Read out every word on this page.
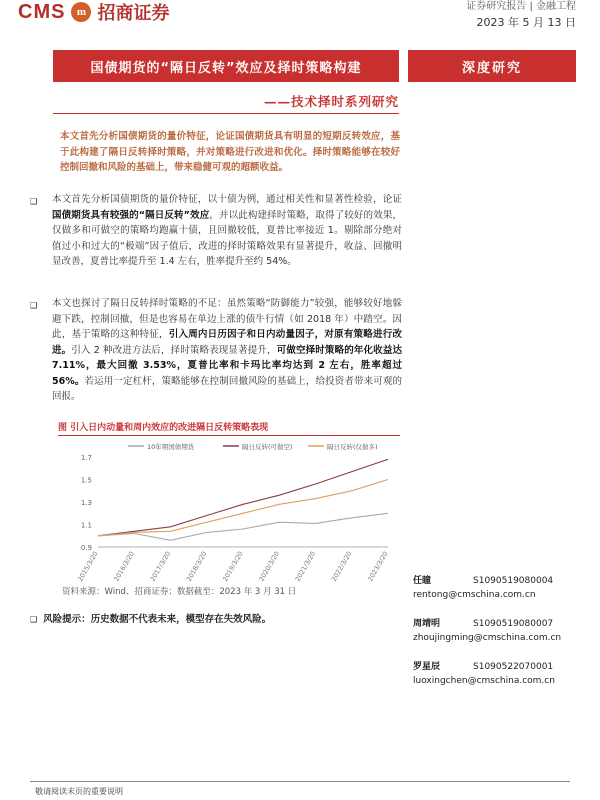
CMS	m 招商证券	证券研究报告 | 金融工程
2023 年 5 月 13 日
国债期货的“隔日反转”效应及择时策略构建	深度研究
——技术择时系列研究
本文首先分析国债期货的量价特征，论证国债期货具有明显的短期反转效应，基于此构建了隔日反转择时策略，并对策略进行改进和优化。择时策略能够在较好控制回撤和风险的基础上，带来稳健可观的超额收益。
❑ 本文首先分析国债期货的量价特征，以十债为例，通过相关性和显著性检验，论证国债期货具有较强的“隔日反转”效应，并以此构建择时策略，取得了较好的效果，仅做多和可做空的策略均跑赢十债，且回撤较低，夏普比率接近 1。剔除部分绝对值过小和过大的“极端”因子值后，改进的择时策略效果有显著提升，收益、回撤明显改善，夏普比率提升至 1.4 左右，胜率提升至约 54%。
❑ 本文也探讨了隔日反转择时策略的不足：虽然策略“防御能力”较强，能够较好地躲避下跌，控制回撤，但是也容易在单边上涨的债牛行情（如 2018 年）中踏空。因此，基于策略的这种特征，引入周内日历因子和日内动量因子，对原有策略进行改进。引入 2 种改进方法后，择时策略表现显著提升，可做空择时策略的年化收益达 7.11%，最大回撤 3.53%，夏普比率和卡玛比率均达到 2 左右，胜率超过 56%。若运用一定杠杆，策略能够在控制回撤风险的基础上，给投资者带来可观的回报。
图 引入日内动量和周内效应的改进隔日反转策略表现
0.9
1.1
1.3
1.5
1.7
2015/3/20 2016/3/20 2017/3/20 2018/3/20 2019/3/20 2020/3/20 2021/3/20 2022/3/20 2023/3/20
10年期国债期货	隔日反转(可做空)	隔日反转(仅做多)
资料来源：Wind、招商证券；数据截至：2023 年 3 月 31 日
❑ 风险提示：历史数据不代表未来，模型存在失效风险。
任瞳	S1090519080004
rentong@cmschina.com.cn
周靖明	S1090519080007
zhoujingming@cmschina.com.cn
罗星辰	S1090522070001
luoxingchen@cmschina.com.cn
敬请阅读末页的重要说明
